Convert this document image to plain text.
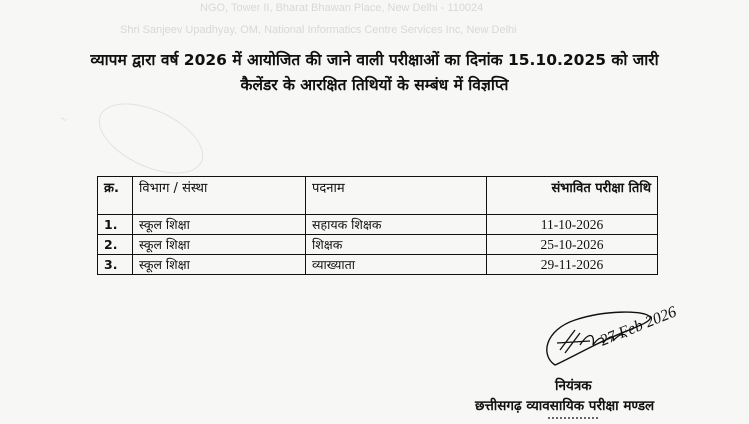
NGO, Tower II, Bharat Bhawan Place, New Delhi - 110024
Shri Sanjeev Upadhyay, OM, National Informatics Centre Services Inc, New Delhi
~
व्यापम द्वारा वर्ष 2026 में आयोजित की जाने वाली परीक्षाओं का दिनांक 15.10.2025 को जारी
कैलेंडर के आरक्षित तिथियों के सम्बंध में विज्ञप्ति
क्र.	विभाग / संस्था	पदनाम	संभावित परीक्षा तिथि
1.	स्कूल शिक्षा	सहायक शिक्षक	11-10-2026
2.	स्कूल शिक्षा	शिक्षक	25-10-2026
3.	स्कूल शिक्षा	व्याख्याता	29-11-2026
27 Feb 2026
नियंत्रक
छत्तीसगढ़ व्यावसायिक परीक्षा मण्डल
